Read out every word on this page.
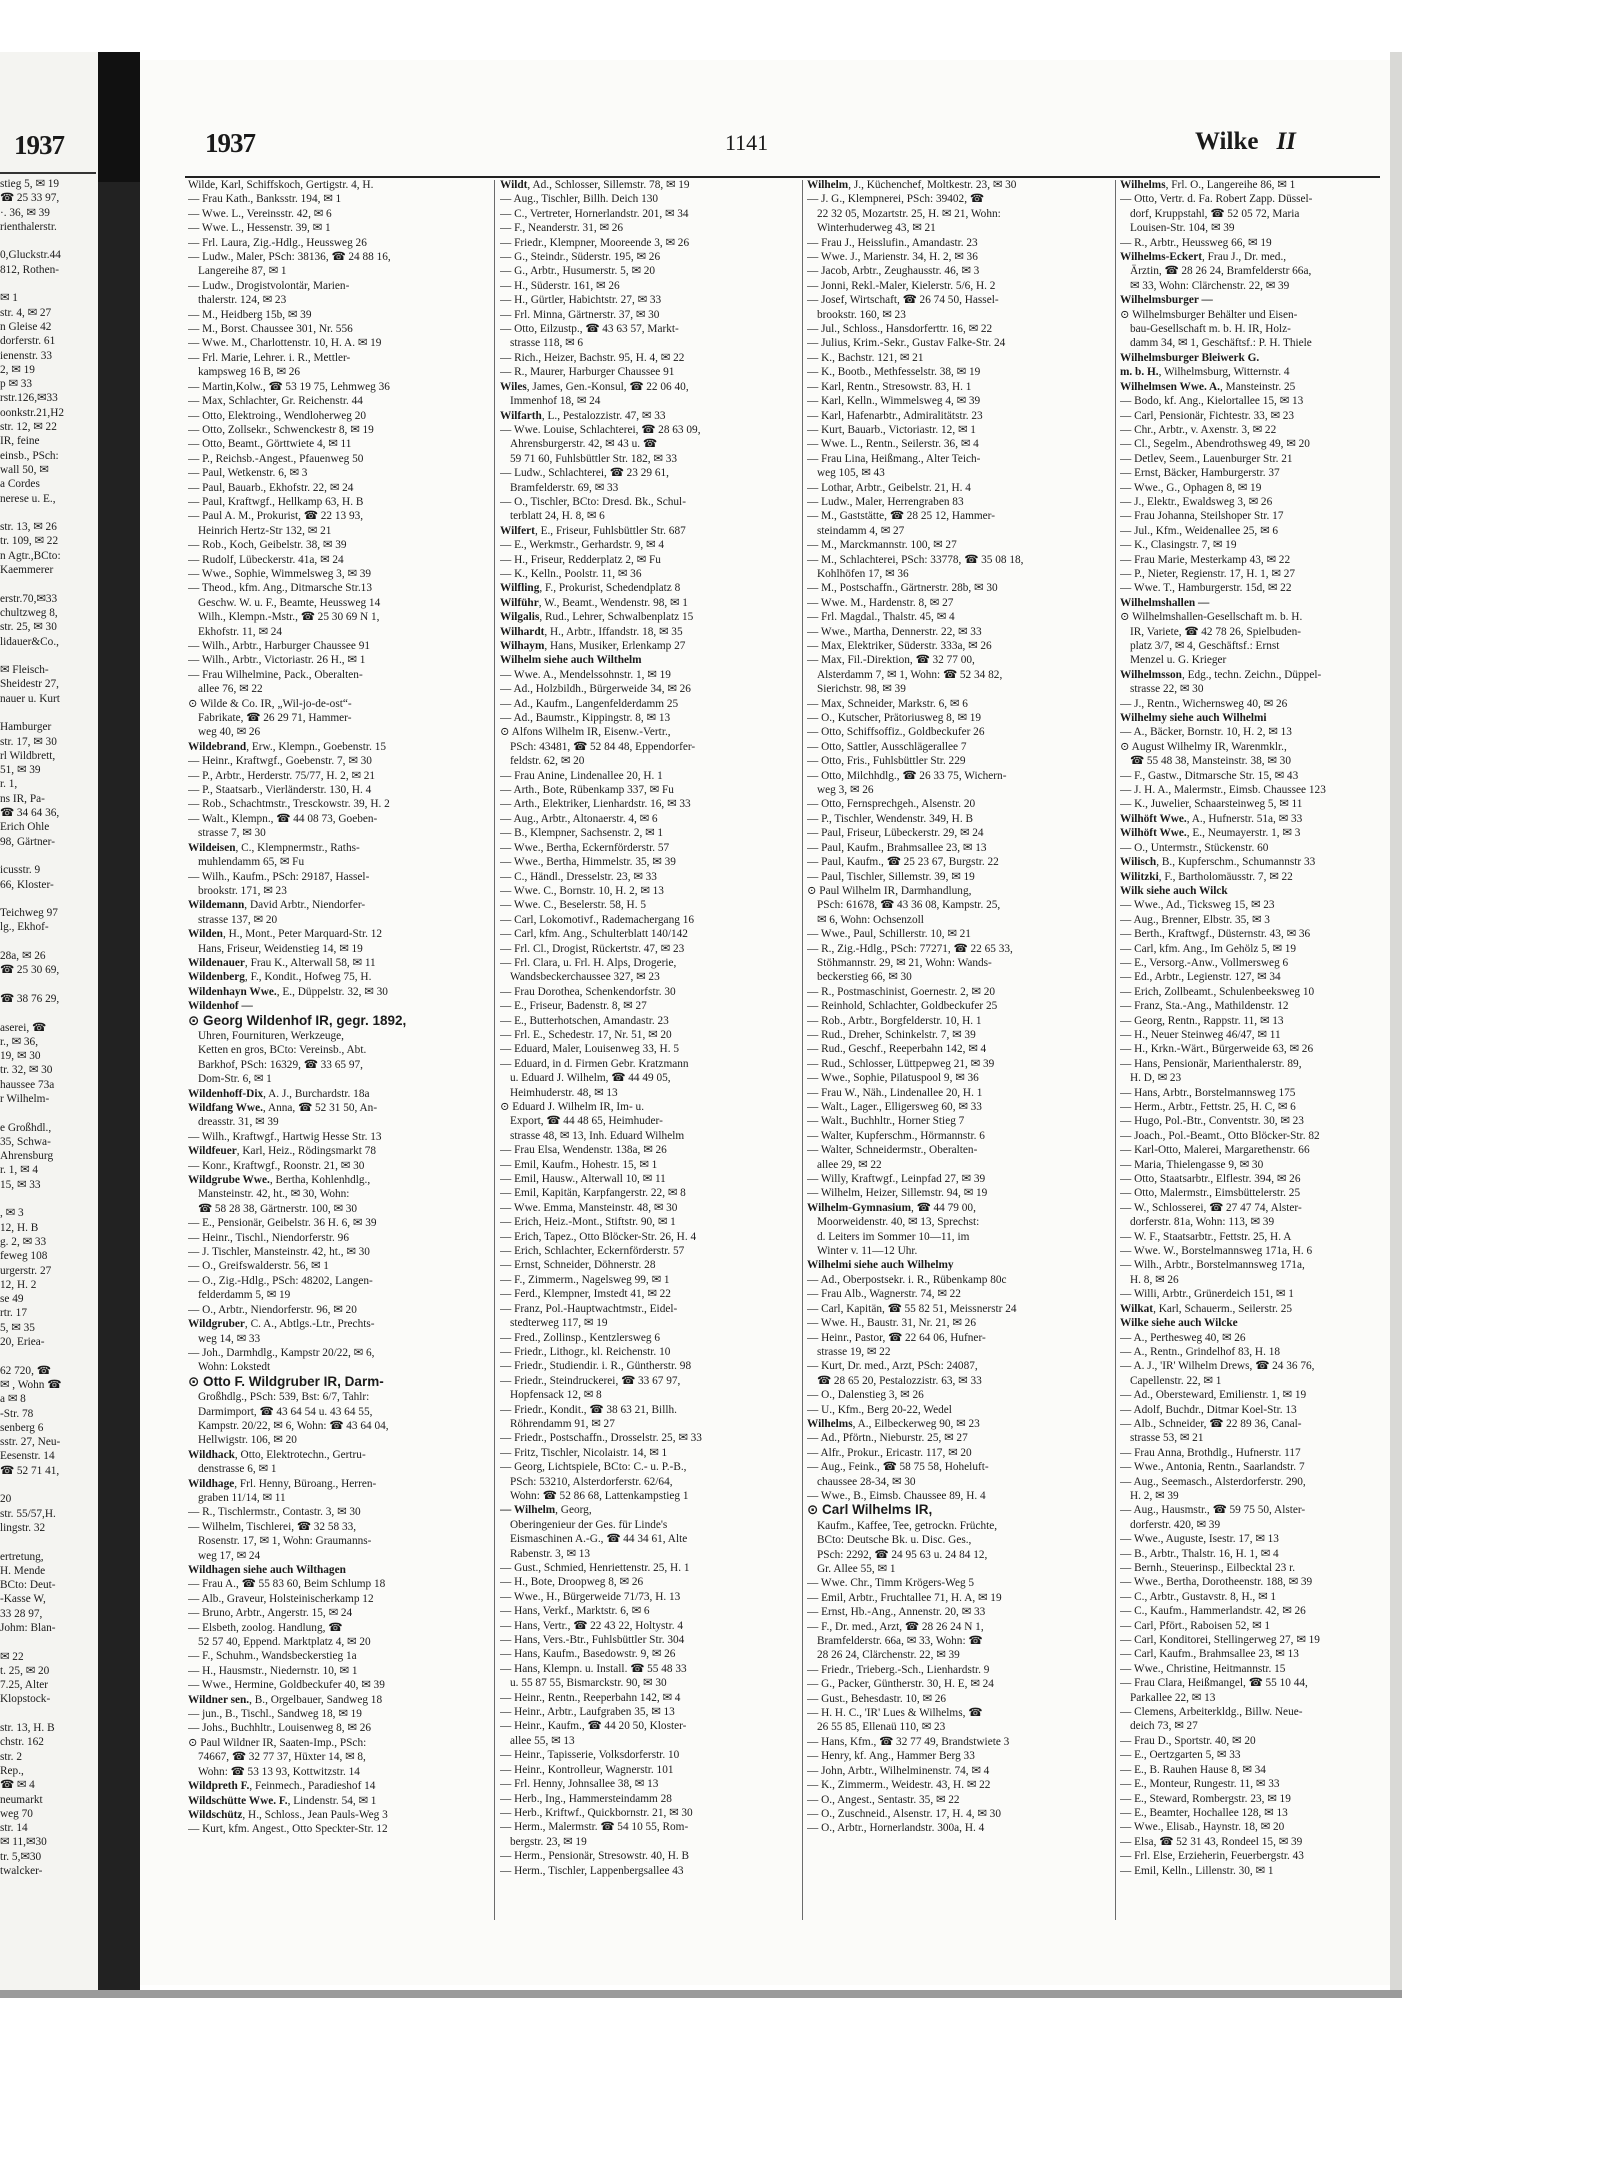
1937
stieg 5, ✉ 19
☎ 25 33 97,
·. 36, ✉ 39
rienthalerstr.

0,Gluckstr.44
812, Rothen-

✉ 1
str. 4, ✉ 27
n Gleise 42
dorferstr. 61
ienenstr. 33
2, ✉ 19
p ✉ 33
rstr.126,✉33
oonkstr.21,H2
str. 12, ✉ 22
IR, feine
einsb., PSch:
wall 50, ✉
a Cordes
nerese u. E.,

str. 13, ✉ 26
tr. 109, ✉ 22
n Agtr.,BCto:
Kaemmerer

erstr.70,✉33
chultzweg 8,
str. 25, ✉ 30
lidauer&Co.,

✉ Fleisch-
Sheidestr 27,
nauer u. Kurt

Hamburger
str. 17, ✉ 30
rl Wildbrett,
51, ✉ 39
r. 1,
ns IR, Pa-
☎ 34 64 36,
Erich Ohle
98, Gärtner-

icusstr. 9
66, Kloster-

Teichweg 97
lg., Ekhof-

28a, ✉ 26
☎ 25 30 69,

☎ 38 76 29,

aserei, ☎
r., ✉ 36,
19, ✉ 30
tr. 32, ✉ 30
haussee 73a
r Wilhelm-

e Großhdl.,
35, Schwa-
Ahrensburg
r. 1, ✉ 4
15, ✉ 33

, ✉ 3
12, H. B
g. 2, ✉ 33
feweg 108
urgerstr. 27
12, H. 2
se 49
rtr. 17
5, ✉ 35
20, Eriea-

62 720, ☎
✉ , Wohn ☎
a ✉ 8
-Str. 78
senberg 6
sstr. 27, Neu-
Eesenstr. 14
☎ 52 71 41,

20
str. 55/57,H.
lingstr. 32

ertretung,
H. Mende
BCto: Deut-
-Kasse W,
33 28 97,
Johm: Blan-

✉ 22
t. 25, ✉ 20
7.25, Alter
Klopstock-

str. 13, H. B
chstr. 162
str. 2
Rep.,
☎ ✉ 4
neumarkt
weg 70
str. 14
✉ 11,✉30
tr. 5,✉30
twalcker-
1937	1141	Wilke II
Wilde, Karl, Schiffskoch, Gertigstr. 4, H.
— Frau Kath., Banksstr. 194, ✉ 1
— Wwe. L., Vereinsstr. 42, ✉ 6
— Wwe. L., Hessenstr. 39, ✉ 1
— Frl. Laura, Zig.-Hdlg., Heussweg 26
— Ludw., Maler, PSch: 38136, ☎ 24 88 16,
Langereihe 87, ✉ 1
— Ludw., Drogistvolontär, Marien-
thalerstr. 124, ✉ 23
— M., Heidberg 15b, ✉ 39
— M., Borst. Chaussee 301, Nr. 556
— Wwe. M., Charlottenstr. 10, H. A. ✉ 19
— Frl. Marie, Lehrer. i. R., Mettler-
kampsweg 16 B, ✉ 26
— Martin,Kolw., ☎ 53 19 75, Lehmweg 36
— Max, Schlachter, Gr. Reichenstr. 44
— Otto, Elektroing., Wendloherweg 20
— Otto, Zollsekr., Schwenckestr 8, ✉ 19
— Otto, Beamt., Görttwiete 4, ✉ 11
— P., Reichsb.-Angest., Pfauenweg 50
— Paul, Wetkenstr. 6, ✉ 3
— Paul, Bauarb., Ekhofstr. 22, ✉ 24
— Paul, Kraftwgf., Hellkamp 63, H. B
— Paul A. M., Prokurist, ☎ 22 13 93,
Heinrich Hertz-Str 132, ✉ 21
— Rob., Koch, Geibelstr. 38, ✉ 39
— Rudolf, Lübeckerstr. 41a, ✉ 24
— Wwe., Sophie, Wimmelsweg 3, ✉ 39
— Theod., kfm. Ang., Ditmarsche Str.13
Geschw. W. u. F., Beamte, Heussweg 14
Wilh., Klempn.-Mstr., ☎ 25 30 69 N 1,
Ekhofstr. 11, ✉ 24
— Wilh., Arbtr., Harburger Chaussee 91
— Wilh., Arbtr., Victoriastr. 26 H., ✉ 1
— Frau Wilhelmine, Pack., Oberalten-
allee 76, ✉ 22
⊙ Wilde & Co. IR, „Wil-jo-de-ost“-
Fabrikate, ☎ 26 29 71, Hammer-
weg 40, ✉ 26
Wildebrand, Erw., Klempn., Goebenstr. 15
— Heinr., Kraftwgf., Goebenstr. 7, ✉ 30
— P., Arbtr., Herderstr. 75/77, H. 2, ✉ 21
— P., Staatsarb., Vierländerstr. 130, H. 4
— Rob., Schachtmstr., Tresckowstr. 39, H. 2
— Walt., Klempn., ☎ 44 08 73, Goeben-
strasse 7, ✉ 30
Wildeisen, C., Klempnermstr., Raths-
muhlendamm 65, ✉ Fu
— Wilh., Kaufm., PSch: 29187, Hassel-
brookstr. 171, ✉ 23
Wildemann, David Arbtr., Niendorfer-
strasse 137, ✉ 20
Wilden, H., Mont., Peter Marquard-Str. 12
Hans, Friseur, Weidenstieg 14, ✉ 19
Wildenauer, Frau K., Alterwall 58, ✉ 11
Wildenberg, F., Kondit., Hofweg 75, H.
Wildenhayn Wwe., E., Düppelstr. 32, ✉ 30
Wildenhof —
⊙ Georg Wildenhof IR, gegr. 1892,
Uhren, Fournituren, Werkzeuge,
Ketten en gros, BCto: Vereinsb., Abt.
Barkhof, PSch: 16329, ☎ 33 65 97,
Dom-Str. 6, ✉ 1
Wildenhoff-Dix, A. J., Burchardstr. 18a
Wildfang Wwe., Anna, ☎ 52 31 50, An-
dreasstr. 31, ✉ 39
— Wilh., Kraftwgf., Hartwig Hesse Str. 13
Wildfeuer, Karl, Heiz., Rödingsmarkt 78
— Konr., Kraftwgf., Roonstr. 21, ✉ 30
Wildgrube Wwe., Bertha, Kohlenhdlg.,
Mansteinstr. 42, ht., ✉ 30, Wohn:
☎ 58 28 38, Gärtnerstr. 100, ✉ 30
— E., Pensionär, Geibelstr. 36 H. 6, ✉ 39
— Heinr., Tischl., Niendorferstr. 96
— J. Tischler, Mansteinstr. 42, ht., ✉ 30
— O., Greifswalderstr. 56, ✉ 1
— O., Zig.-Hdlg., PSch: 48202, Langen-
felderdamm 5, ✉ 19
— O., Arbtr., Niendorferstr. 96, ✉ 20
Wildgruber, C. A., Abtlgs.-Ltr., Prechts-
weg 14, ✉ 33
— Joh., Darmhdlg., Kampstr 20/22, ✉ 6,
Wohn: Lokstedt
⊙ Otto F. Wildgruber IR, Darm-
Großhdlg., PSch: 539, Bst: 6/7, Tahlr:
Darmimport, ☎ 43 64 54 u. 43 64 55,
Kampstr. 20/22, ✉ 6, Wohn: ☎ 43 64 04,
Hellwigstr. 106, ✉ 20
Wildhack, Otto, Elektrotechn., Gertru-
denstrasse 6, ✉ 1
Wildhage, Frl. Henny, Büroang., Herren-
graben 11/14, ✉ 11
— R., Tischlermstr., Contastr. 3, ✉ 30
— Wilhelm, Tischlerei, ☎ 32 58 33,
Rosenstr. 17, ✉ 1, Wohn: Graumanns-
weg 17, ✉ 24
Wildhagen siehe auch Wilthagen
— Frau A., ☎ 55 83 60, Beim Schlump 18
— Alb., Graveur, Holsteinischerkamp 12
— Bruno, Arbtr., Angerstr. 15, ✉ 24
— Elsbeth, zoolog. Handlung, ☎
52 57 40, Eppend. Marktplatz 4, ✉ 20
— F., Schuhm., Wandsbeckerstieg 1a
— H., Hausmstr., Niedernstr. 10, ✉ 1
— Wwe., Hermine, Goldbeckufer 40, ✉ 39
Wildner sen., B., Orgelbauer, Sandweg 18
— jun., B., Tischl., Sandweg 18, ✉ 19
— Johs., Buchhltr., Louisenweg 8, ✉ 26
⊙ Paul Wildner IR, Saaten-Imp., PSch:
74667, ☎ 32 77 37, Hüxter 14, ✉ 8,
Wohn: ☎ 53 13 93, Kottwitzstr. 14
Wildpreth F., Feinmech., Paradieshof 14
Wildschütte Wwe. F., Lindenstr. 54, ✉ 1
Wildschütz, H., Schloss., Jean Pauls-Weg 3
— Kurt, kfm. Angest., Otto Speckter-Str. 12
Wildt, Ad., Schlosser, Sillemstr. 78, ✉ 19
— Aug., Tischler, Billh. Deich 130
— C., Vertreter, Hornerlandstr. 201, ✉ 34
— F., Neanderstr. 31, ✉ 26
— Friedr., Klempner, Mooreende 3, ✉ 26
— G., Steindr., Süderstr. 195, ✉ 26
— G., Arbtr., Husumerstr. 5, ✉ 20
— H., Süderstr. 161, ✉ 26
— H., Gürtler, Habichtstr. 27, ✉ 33
— Frl. Minna, Gärtnerstr. 37, ✉ 30
— Otto, Eilzustp., ☎ 43 63 57, Markt-
strasse 118, ✉ 6
— Rich., Heizer, Bachstr. 95, H. 4, ✉ 22
— R., Maurer, Harburger Chaussee 91
Wiles, James, Gen.-Konsul, ☎ 22 06 40,
Immenhof 18, ✉ 24
Wilfarth, L., Pestalozzistr. 47, ✉ 33
— Wwe. Louise, Schlachterei, ☎ 28 63 09,
Ahrensburgerstr. 42, ✉ 43 u. ☎
59 71 60, Fuhlsbüttler Str. 182, ✉ 33
— Ludw., Schlachterei, ☎ 23 29 61,
Bramfelderstr. 69, ✉ 33
— O., Tischler, BCto: Dresd. Bk., Schul-
terblatt 24, H. 8, ✉ 6
Wilfert, E., Friseur, Fuhlsbüttler Str. 687
— E., Werkmstr., Gerhardstr. 9, ✉ 4
— H., Friseur, Redderplatz 2, ✉ Fu
— K., Kelln., Poolstr. 11, ✉ 36
Wilfling, F., Prokurist, Schedendplatz 8
Wilführ, W., Beamt., Wendenstr. 98, ✉ 1
Wilgalis, Rud., Lehrer, Schwalbenplatz 15
Wilhardt, H., Arbtr., Iffandstr. 18, ✉ 35
Wilhaym, Hans, Musiker, Erlenkamp 27
Wilhelm siehe auch Wilthelm
— Wwe. A., Mendelssohnstr. 1, ✉ 19
— Ad., Holzbildh., Bürgerweide 34, ✉ 26
— Ad., Kaufm., Langenfelderdamm 25
— Ad., Baumstr., Kippingstr. 8, ✉ 13
⊙ Alfons Wilhelm IR, Eisenw.-Vertr.,
PSch: 43481, ☎ 52 84 48, Eppendorfer-
feldstr. 62, ✉ 20
— Frau Anine, Lindenallee 20, H. 1
— Arth., Bote, Rübenkamp 337, ✉ Fu
— Arth., Elektriker, Lienhardstr. 16, ✉ 33
— Aug., Arbtr., Altonaerstr. 4, ✉ 6
— B., Klempner, Sachsenstr. 2, ✉ 1
— Wwe., Bertha, Eckernförderstr. 57
— Wwe., Bertha, Himmelstr. 35, ✉ 39
— C., Händl., Dresselstr. 23, ✉ 33
— Wwe. C., Bornstr. 10, H. 2, ✉ 13
— Wwe. C., Beselerstr. 58, H. 5
— Carl, Lokomotivf., Rademachergang 16
— Carl, kfm. Ang., Schulterblatt 140/142
— Frl. Cl., Drogist, Rückertstr. 47, ✉ 23
— Frl. Clara, u. Frl. H. Alps, Drogerie,
Wandsbeckerchaussee 327, ✉ 23
— Frau Dorothea, Schenkendorfstr. 30
— E., Friseur, Badenstr. 8, ✉ 27
— E., Butterhotschen, Amandastr. 23
— Frl. E., Schedestr. 17, Nr. 51, ✉ 20
— Eduard, Maler, Louisenweg 33, H. 5
— Eduard, in d. Firmen Gebr. Kratzmann
u. Eduard J. Wilhelm, ☎ 44 49 05,
Heimhuderstr. 48, ✉ 13
⊙ Eduard J. Wilhelm IR, Im- u.
Export, ☎ 44 48 65, Heimhuder-
strasse 48, ✉ 13, Inh. Eduard Wilhelm
— Frau Elsa, Wendenstr. 138a, ✉ 26
— Emil, Kaufm., Hohestr. 15, ✉ 1
— Emil, Hausw., Alterwall 10, ✉ 11
— Emil, Kapitän, Karpfangerstr. 22, ✉ 8
— Wwe. Emma, Mansteinstr. 48, ✉ 30
— Erich, Heiz.-Mont., Stiftstr. 90, ✉ 1
— Erich, Tapez., Otto Blöcker-Str. 26, H. 4
— Erich, Schlachter, Eckernförderstr. 57
— Ernst, Schneider, Döhnerstr. 28
— F., Zimmerm., Nagelsweg 99, ✉ 1
— Ferd., Klempner, Imstedt 41, ✉ 22
— Franz, Pol.-Hauptwachtmstr., Eidel-
stedterweg 117, ✉ 19
— Fred., Zollinsp., Kentzlersweg 6
— Friedr., Lithogr., kl. Reichenstr. 10
— Friedr., Studiendir. i. R., Güntherstr. 98
— Friedr., Steindruckerei, ☎ 33 67 97,
Hopfensack 12, ✉ 8
— Friedr., Kondit., ☎ 38 63 21, Billh.
Röhrendamm 91, ✉ 27
— Friedr., Postschaffn., Drosselstr. 25, ✉ 33
— Fritz, Tischler, Nicolaistr. 14, ✉ 1
— Georg, Lichtspiele, BCto: C.- u. P.-B.,
PSch: 53210, Alsterdorferstr. 62/64,
Wohn: ☎ 52 86 68, Lattenkampstieg 1
— Wilhelm, Georg,
Oberingenieur der Ges. für Linde's
Eismaschinen A.-G., ☎ 44 34 61, Alte
Rabenstr. 3, ✉ 13
— Gust., Schmied, Henriettenstr. 25, H. 1
— H., Bote, Droopweg 8, ✉ 26
— Wwe., H., Bürgerweide 71/73, H. 13
— Hans, Verkf., Marktstr. 6, ✉ 6
— Hans, Vertr., ☎ 22 43 22, Holtystr. 4
— Hans, Vers.-Btr., Fuhlsbüttler Str. 304
— Hans, Kaufm., Basedowstr. 9, ✉ 26
— Hans, Klempn. u. Install. ☎ 55 48 33
u. 55 87 55, Bismarckstr. 90, ✉ 30
— Heinr., Rentn., Reeperbahn 142, ✉ 4
— Heinr., Arbtr., Laufgraben 35, ✉ 13
— Heinr., Kaufm., ☎ 44 20 50, Kloster-
allee 55, ✉ 13
— Heinr., Tapisserie, Volksdorferstr. 10
— Heinr., Kontrolleur, Wagnerstr. 101
— Frl. Henny, Johnsallee 38, ✉ 13
— Herb., Ing., Hammersteindamm 28
— Herb., Kriftwf., Quickbornstr. 21, ✉ 30
— Herm., Malermstr. ☎ 54 10 55, Rom-
bergstr. 23, ✉ 19
— Herm., Pensionär, Stresowstr. 40, H. B
— Herm., Tischler, Lappenbergsallee 43
Wilhelm, J., Küchenchef, Moltkestr. 23, ✉ 30
— J. G., Klempnerei, PSch: 39402, ☎
22 32 05, Mozartstr. 25, H. ✉ 21, Wohn:
Winterhuderweg 43, ✉ 21
— Frau J., Heisslufin., Amandastr. 23
— Wwe. J., Marienstr. 34, H. 2, ✉ 36
— Jacob, Arbtr., Zeughausstr. 46, ✉ 3
— Jonni, Rekl.-Maler, Kielerstr. 5/6, H. 2
— Josef, Wirtschaft, ☎ 26 74 50, Hassel-
brookstr. 160, ✉ 23
— Jul., Schloss., Hansdorferttr. 16, ✉ 22
— Julius, Krim.-Sekr., Gustav Falke-Str. 24
— K., Bachstr. 121, ✉ 21
— K., Bootb., Methfesselstr. 38, ✉ 19
— Karl, Rentn., Stresowstr. 83, H. 1
— Karl, Kelln., Wimmelsweg 4, ✉ 39
— Karl, Hafenarbtr., Admiralitätstr. 23
— Kurt, Bauarb., Victoriastr. 12, ✉ 1
— Wwe. L., Rentn., Seilerstr. 36, ✉ 4
— Frau Lina, Heißmang., Alter Teich-
weg 105, ✉ 43
— Lothar, Arbtr., Geibelstr. 21, H. 4
— Ludw., Maler, Herrengraben 83
— M., Gaststätte, ☎ 28 25 12, Hammer-
steindamm 4, ✉ 27
— M., Marckmannstr. 100, ✉ 27
— M., Schlachterei, PSch: 33778, ☎ 35 08 18,
Kohlhöfen 17, ✉ 36
— M., Postschaffn., Gärtnerstr. 28b, ✉ 30
— Wwe. M., Hardenstr. 8, ✉ 27
— Frl. Magdal., Thalstr. 45, ✉ 4
— Wwe., Martha, Dennerstr. 22, ✉ 33
— Max, Elektriker, Süderstr. 333a, ✉ 26
— Max, Fil.-Direktion, ☎ 32 77 00,
Alsterdamm 7, ✉ 1, Wohn: ☎ 52 34 82,
Sierichstr. 98, ✉ 39
— Max, Schneider, Markstr. 6, ✉ 6
— O., Kutscher, Prätoriusweg 8, ✉ 19
— Otto, Schiffsoffiz., Goldbeckufer 26
— Otto, Sattler, Ausschlägerallee 7
— Otto, Fris., Fuhlsbüttler Str. 229
— Otto, Milchhdlg., ☎ 26 33 75, Wichern-
weg 3, ✉ 26
— Otto, Fernsprechgeh., Alsenstr. 20
— P., Tischler, Wendenstr. 349, H. B
— Paul, Friseur, Lübeckerstr. 29, ✉ 24
— Paul, Kaufm., Brahmsallee 23, ✉ 13
— Paul, Kaufm., ☎ 25 23 67, Burgstr. 22
— Paul, Tischler, Sillemstr. 39, ✉ 19
⊙ Paul Wilhelm IR, Darmhandlung,
PSch: 61678, ☎ 43 36 08, Kampstr. 25,
✉ 6, Wohn: Ochsenzoll
— Wwe., Paul, Schillerstr. 10, ✉ 21
— R., Zig.-Hdlg., PSch: 77271, ☎ 22 65 33,
Stöhmannstr. 29, ✉ 21, Wohn: Wands-
beckerstieg 66, ✉ 30
— R., Postmaschinist, Goernestr. 2, ✉ 20
— Reinhold, Schlachter, Goldbeckufer 25
— Rob., Arbtr., Borgfelderstr. 10, H. 1
— Rud., Dreher, Schinkelstr. 7, ✉ 39
— Rud., Geschf., Reeperbahn 142, ✉ 4
— Rud., Schlosser, Lüttpepweg 21, ✉ 39
— Wwe., Sophie, Pilatuspool 9, ✉ 36
— Frau W., Näh., Lindenallee 20, H. 1
— Walt., Lager., Elligersweg 60, ✉ 33
— Walt., Buchhltr., Horner Stieg 7
— Walter, Kupferschm., Hörmannstr. 6
— Walter, Schneidermstr., Oberalten-
allee 29, ✉ 22
— Willy, Kraftwgf., Leinpfad 27, ✉ 39
— Wilhelm, Heizer, Sillemstr. 94, ✉ 19
Wilhelm-Gymnasium, ☎ 44 79 00,
Moorweidenstr. 40, ✉ 13, Sprechst:
d. Leiters im Sommer 10—11, im
Winter v. 11—12 Uhr.
Wilhelmi siehe auch Wilhelmy
— Ad., Oberpostsekr. i. R., Rübenkamp 80c
— Frau Alb., Wagnerstr. 74, ✉ 22
— Carl, Kapitän, ☎ 55 82 51, Meissnerstr 24
— Wwe. H., Baustr. 31, Nr. 21, ✉ 26
— Heinr., Pastor, ☎ 22 64 06, Hufner-
strasse 19, ✉ 22
— Kurt, Dr. med., Arzt, PSch: 24087,
☎ 28 65 20, Pestalozzistr. 63, ✉ 33
— O., Dalenstieg 3, ✉ 26
— U., Kfm., Berg 20-22, Wedel
Wilhelms, A., Eilbeckerweg 90, ✉ 23
— Ad., Pförtn., Nieburstr. 25, ✉ 27
— Alfr., Prokur., Ericastr. 117, ✉ 20
— Aug., Feink., ☎ 58 75 58, Hoheluft-
chaussee 28-34, ✉ 30
— Wwe., B., Eimsb. Chaussee 89, H. 4
⊙ Carl Wilhelms IR,
Kaufm., Kaffee, Tee, getrockn. Früchte,
BCto: Deutsche Bk. u. Disc. Ges.,
PSch: 2292, ☎ 24 95 63 u. 24 84 12,
Gr. Allee 55, ✉ 1
— Wwe. Chr., Timm Krögers-Weg 5
— Emil, Arbtr., Fruchtallee 71, H. A, ✉ 19
— Ernst, Hb.-Ang., Annenstr. 20, ✉ 33
— F., Dr. med., Arzt, ☎ 28 26 24 N 1,
Bramfelderstr. 66a, ✉ 33, Wohn: ☎
28 26 24, Clärchenstr. 22, ✉ 39
— Friedr., Trieberg.-Sch., Lienhardstr. 9
— G., Packer, Güntherstr. 30, H. E, ✉ 24
— Gust., Behesdastr. 10, ✉ 26
— H. H. C., 'IR' Lues & Wilhelms, ☎
26 55 85, Ellenaü 110, ✉ 23
— Hans, Kfm., ☎ 32 77 49, Brandstwiete 3
— Henry, kf. Ang., Hammer Berg 33
— John, Arbtr., Wilhelminenstr. 74, ✉ 4
— K., Zimmerm., Weidestr. 43, H. ✉ 22
— O., Angest., Sentastr. 35, ✉ 22
— O., Zuschneid., Alsenstr. 17, H. 4, ✉ 30
— O., Arbtr., Hornerlandstr. 300a, H. 4
Wilhelms, Frl. O., Langereihe 86, ✉ 1
— Otto, Vertr. d. Fa. Robert Zapp. Düssel-
dorf, Kruppstahl, ☎ 52 05 72, Maria
Louisen-Str. 104, ✉ 39
— R., Arbtr., Heussweg 66, ✉ 19
Wilhelms-Eckert, Frau J., Dr. med.,
Ärztin, ☎ 28 26 24, Bramfelderstr 66a,
✉ 33, Wohn: Clärchenstr. 22, ✉ 39
Wilhelmsburger —
⊙ Wilhelmsburger Behälter und Eisen-
bau-Gesellschaft m. b. H. IR, Holz-
damm 34, ✉ 1, Geschäftsf.: P. H. Thiele
Wilhelmsburger Bleiwerk G.
m. b. H., Wilhelmsburg, Witternstr. 4
Wilhelmsen Wwe. A., Mansteinstr. 25
— Bodo, kf. Ang., Kielortallee 15, ✉ 13
— Carl, Pensionär, Fichtestr. 33, ✉ 23
— Chr., Arbtr., v. Axenstr. 3, ✉ 22
— Cl., Segelm., Abendrothsweg 49, ✉ 20
— Detlev, Seem., Lauenburger Str. 21
— Ernst, Bäcker, Hamburgerstr. 37
— Wwe., G., Ophagen 8, ✉ 19
— J., Elektr., Ewaldsweg 3, ✉ 26
— Frau Johanna, Steilshoper Str. 17
— Jul., Kfm., Weidenallee 25, ✉ 6
— K., Clasingstr. 7, ✉ 19
— Frau Marie, Mesterkamp 43, ✉ 22
— P., Nieter, Regienstr. 17, H. 1, ✉ 27
— Wwe. T., Hamburgerstr. 15d, ✉ 22
Wilhelmshallen —
⊙ Wilhelmshallen-Gesellschaft m. b. H.
IR, Variete, ☎ 42 78 26, Spielbuden-
platz 3/7, ✉ 4, Geschäftsf.: Ernst
Menzel u. G. Krieger
Wilhelmsson, Edg., techn. Zeichn., Düppel-
strasse 22, ✉ 30
— J., Rentn., Wichernsweg 40, ✉ 26
Wilhelmy siehe auch Wilhelmi
— A., Bäcker, Bornstr. 10, H. 2, ✉ 13
⊙ August Wilhelmy IR, Warenmklr.,
☎ 55 48 38, Mansteinstr. 38, ✉ 30
— F., Gastw., Ditmarsche Str. 15, ✉ 43
— J. H. A., Malermstr., Eimsb. Chaussee 123
— K., Juwelier, Schaarsteinweg 5, ✉ 11
Wilhöft Wwe., A., Hufnerstr. 51a, ✉ 33
Wilhöft Wwe., E., Neumayerstr. 1, ✉ 3
— O., Untermstr., Stückenstr. 60
Wilisch, B., Kupferschm., Schumannstr 33
Wilitzki, F., Bartholomäusstr. 7, ✉ 22
Wilk siehe auch Wilck
— Wwe., Ad., Ticksweg 15, ✉ 23
— Aug., Brenner, Elbstr. 35, ✉ 3
— Berth., Kraftwgf., Düsternstr. 43, ✉ 36
— Carl, kfm. Ang., Im Gehölz 5, ✉ 19
— E., Versorg.-Anw., Vollmersweg 6
— Ed., Arbtr., Legienstr. 127, ✉ 34
— Erich, Zollbeamt., Schulenbeeksweg 10
— Franz, Sta.-Ang., Mathildenstr. 12
— Georg, Rentn., Rappstr. 11, ✉ 13
— H., Neuer Steinweg 46/47, ✉ 11
— H., Krkn.-Wärt., Bürgerweide 63, ✉ 26
— Hans, Pensionär, Marienthalerstr. 89,
H. D, ✉ 23
— Hans, Arbtr., Borstelmannsweg 175
— Herm., Arbtr., Fettstr. 25, H. C, ✉ 6
— Hugo, Pol.-Btr., Conventstr. 30, ✉ 23
— Joach., Pol.-Beamt., Otto Blöcker-Str. 82
— Karl-Otto, Malerei, Margarethenstr. 66
— Maria, Thielengasse 9, ✉ 30
— Otto, Staatsarbtr., Elflestr. 394, ✉ 26
— Otto, Malermstr., Eimsbüttelerstr. 25
— W., Schlosserei, ☎ 27 47 74, Alster-
dorferstr. 81a, Wohn: 113, ✉ 39
— W. F., Staatsarbtr., Fettstr. 25, H. A
— Wwe. W., Borstelmannsweg 171a, H. 6
— Wilh., Arbtr., Borstelmannsweg 171a,
H. 8, ✉ 26
— Willi, Arbtr., Grünerdeich 151, ✉ 1
Wilkat, Karl, Schauerm., Seilerstr. 25
Wilke siehe auch Wilcke
— A., Perthesweg 40, ✉ 26
— A., Rentn., Grindelhof 83, H. 18
— A. J., 'IR' Wilhelm Drews, ☎ 24 36 76,
Capellenstr. 22, ✉ 1
— Ad., Obersteward, Emilienstr. 1, ✉ 19
— Adolf, Buchdr., Ditmar Koel-Str. 13
— Alb., Schneider, ☎ 22 89 36, Canal-
strasse 53, ✉ 21
— Frau Anna, Brothdlg., Hufnerstr. 117
— Wwe., Antonia, Rentn., Saarlandstr. 7
— Aug., Seemasch., Alsterdorferstr. 290,
H. 2, ✉ 39
— Aug., Hausmstr., ☎ 59 75 50, Alster-
dorferstr. 420, ✉ 39
— Wwe., Auguste, Isestr. 17, ✉ 13
— B., Arbtr., Thalstr. 16, H. 1, ✉ 4
— Bernh., Steuerinsp., Eilbecktal 23 r.
— Wwe., Bertha, Dorotheenstr. 188, ✉ 39
— C., Arbtr., Gustavstr. 8, H., ✉ 1
— C., Kaufm., Hammerlandstr. 42, ✉ 26
— Carl, Pfört., Raboisen 52, ✉ 1
— Carl, Konditorei, Stellingerweg 27, ✉ 19
— Carl, Kaufm., Brahmsallee 23, ✉ 13
— Wwe., Christine, Heitmannstr. 15
— Frau Clara, Heißmangel, ☎ 55 10 44,
Parkallee 22, ✉ 13
— Clemens, Arbeiterkldg., Billw. Neue-
deich 73, ✉ 27
— Frau D., Sportstr. 40, ✉ 20
— E., Oertzgarten 5, ✉ 33
— E., B. Rauhen Hause 8, ✉ 34
— E., Monteur, Rungestr. 11, ✉ 33
— E., Steward, Rombergstr. 23, ✉ 19
— E., Beamter, Hochallee 128, ✉ 13
— Wwe., Elisab., Haynstr. 18, ✉ 20
— Elsa, ☎ 52 31 43, Rondeel 15, ✉ 39
— Frl. Else, Erzieherin, Feuerbergstr. 43
— Emil, Kelln., Lillenstr. 30, ✉ 1
